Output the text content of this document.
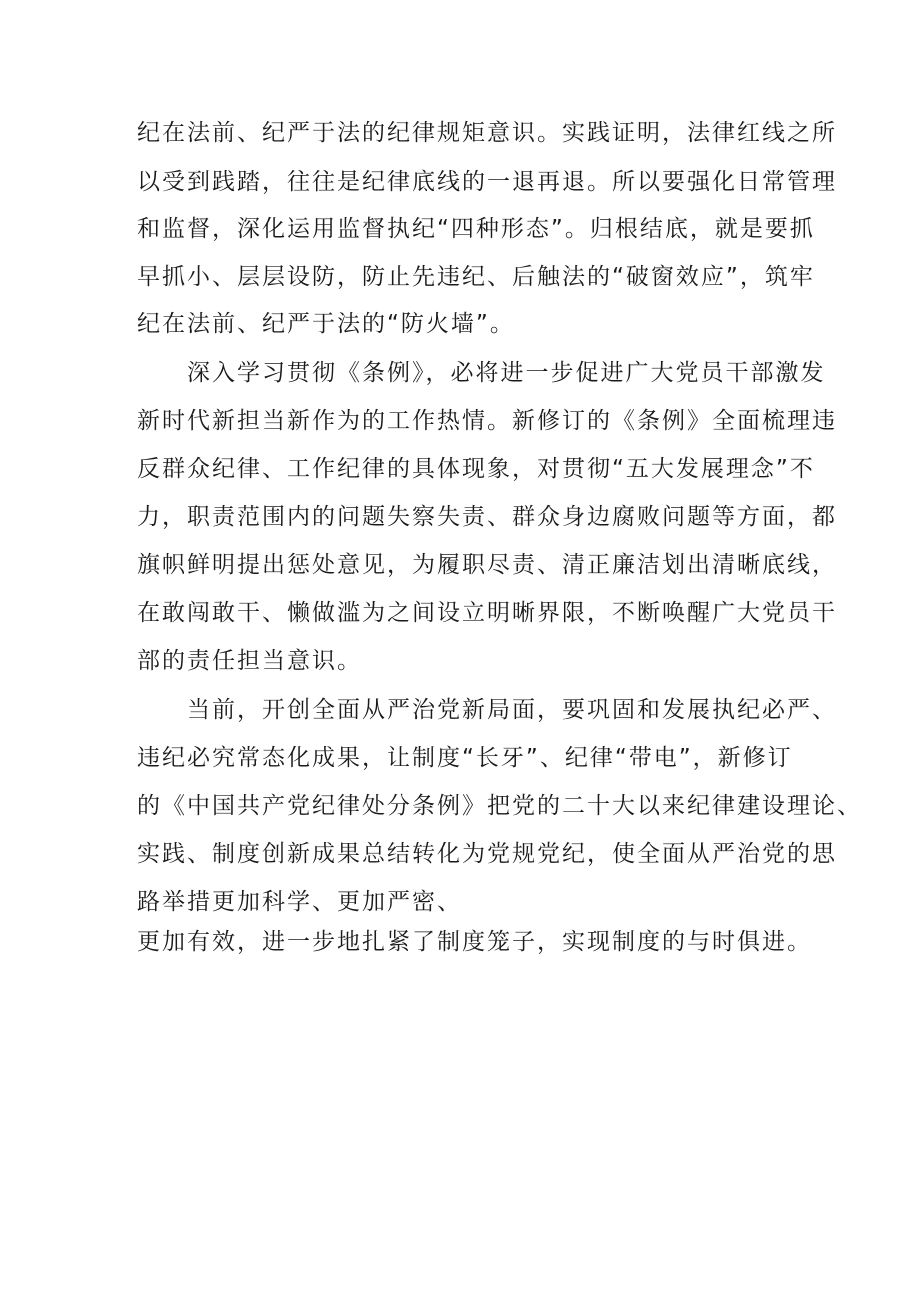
纪在法前、纪严于法的纪律规矩意识。实践证明，法律红线之所
以受到践踏，往往是纪律底线的一退再退。所以要强化日常管理
和监督，深化运用监督执纪“四种形态”。归根结底，就是要抓
早抓小、层层设防，防止先违纪、后触法的“破窗效应”，筑牢
纪在法前、纪严于法的“防火墙”。
深入学习贯彻《条例》，必将进一步促进广大党员干部激发
新时代新担当新作为的工作热情。新修订的《条例》全面梳理违
反群众纪律、工作纪律的具体现象，对贯彻“五大发展理念”不
力，职责范围内的问题失察失责、群众身边腐败问题等方面，都
旗帜鲜明提出惩处意见，为履职尽责、清正廉洁划出清晰底线，
在敢闯敢干、懒做滥为之间设立明晰界限，不断唤醒广大党员干
部的责任担当意识。
当前，开创全面从严治党新局面，要巩固和发展执纪必严、
违纪必究常态化成果，让制度“长牙”、纪律“带电”，新修订
的《中国共产党纪律处分条例》把党的二十大以来纪律建设理论、
实践、制度创新成果总结转化为党规党纪，使全面从严治党的思
路举措更加科学、更加严密、
更加有效，进一步地扎紧了制度笼子，实现制度的与时俱进。
